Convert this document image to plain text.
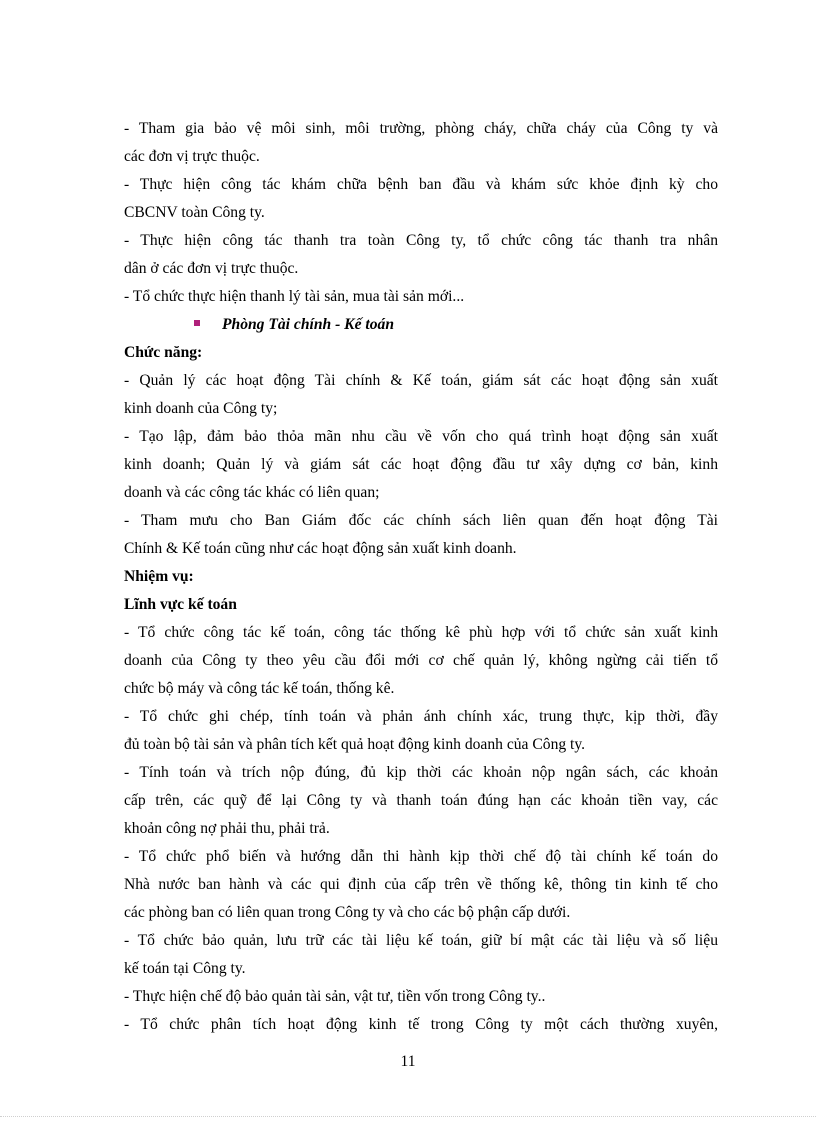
- Tham gia bảo vệ môi sinh, môi trường, phòng cháy, chữa cháy của Công ty và
các đơn vị trực thuộc.
- Thực hiện công tác khám chữa bệnh ban đầu và khám sức khỏe định kỳ cho
CBCNV toàn Công ty.
- Thực hiện công tác thanh tra toàn Công ty, tổ chức công tác thanh tra nhân
dân ở các đơn vị trực thuộc.
- Tổ chức thực hiện thanh lý tài sản, mua tài sản mới...
Phòng Tài chính - Kế toán
Chức năng:
- Quản lý các hoạt động Tài chính & Kế toán, giám sát các hoạt động sản xuất
kinh doanh của Công ty;
- Tạo lập, đảm bảo thỏa mãn nhu cầu về vốn cho quá trình hoạt động sản xuất
kinh doanh; Quản lý và giám sát các hoạt động đầu tư xây dựng cơ bản, kinh
doanh và các công tác khác có liên quan;
- Tham mưu cho Ban Giám đốc các chính sách liên quan đến hoạt động Tài
Chính & Kế toán cũng như các hoạt động sản xuất kinh doanh.
Nhiệm vụ:
Lĩnh vực kế toán
- Tổ chức công tác kế toán, công tác thống kê phù hợp với tổ chức sản xuất kinh
doanh của Công ty theo yêu cầu đổi mới cơ chế quản lý, không ngừng cải tiến tổ
chức bộ máy và công tác kế toán, thống kê.
- Tổ chức ghi chép, tính toán và phản ánh chính xác, trung thực, kịp thời, đầy
đủ toàn bộ tài sản và phân tích kết quả hoạt động kinh doanh của Công ty.
- Tính toán và trích nộp đúng, đủ kịp thời các khoản nộp ngân sách, các khoản
cấp trên, các quỹ để lại Công ty và thanh toán đúng hạn các khoản tiền vay, các
khoản công nợ phải thu, phải trả.
- Tổ chức phổ biến và hướng dẫn thi hành kịp thời chế độ tài chính kế toán do
Nhà nước ban hành và các qui định của cấp trên về thống kê, thông tin kinh tế cho
các phòng ban có liên quan trong Công ty và cho các bộ phận cấp dưới.
- Tổ chức bảo quản, lưu trữ các tài liệu kế toán, giữ bí mật các tài liệu và số liệu
kế toán tại Công ty.
- Thực hiện chế độ bảo quản tài sản, vật tư, tiền vốn trong Công ty..
- Tổ chức phân tích hoạt động kinh tế trong Công ty một cách thường xuyên,
11
